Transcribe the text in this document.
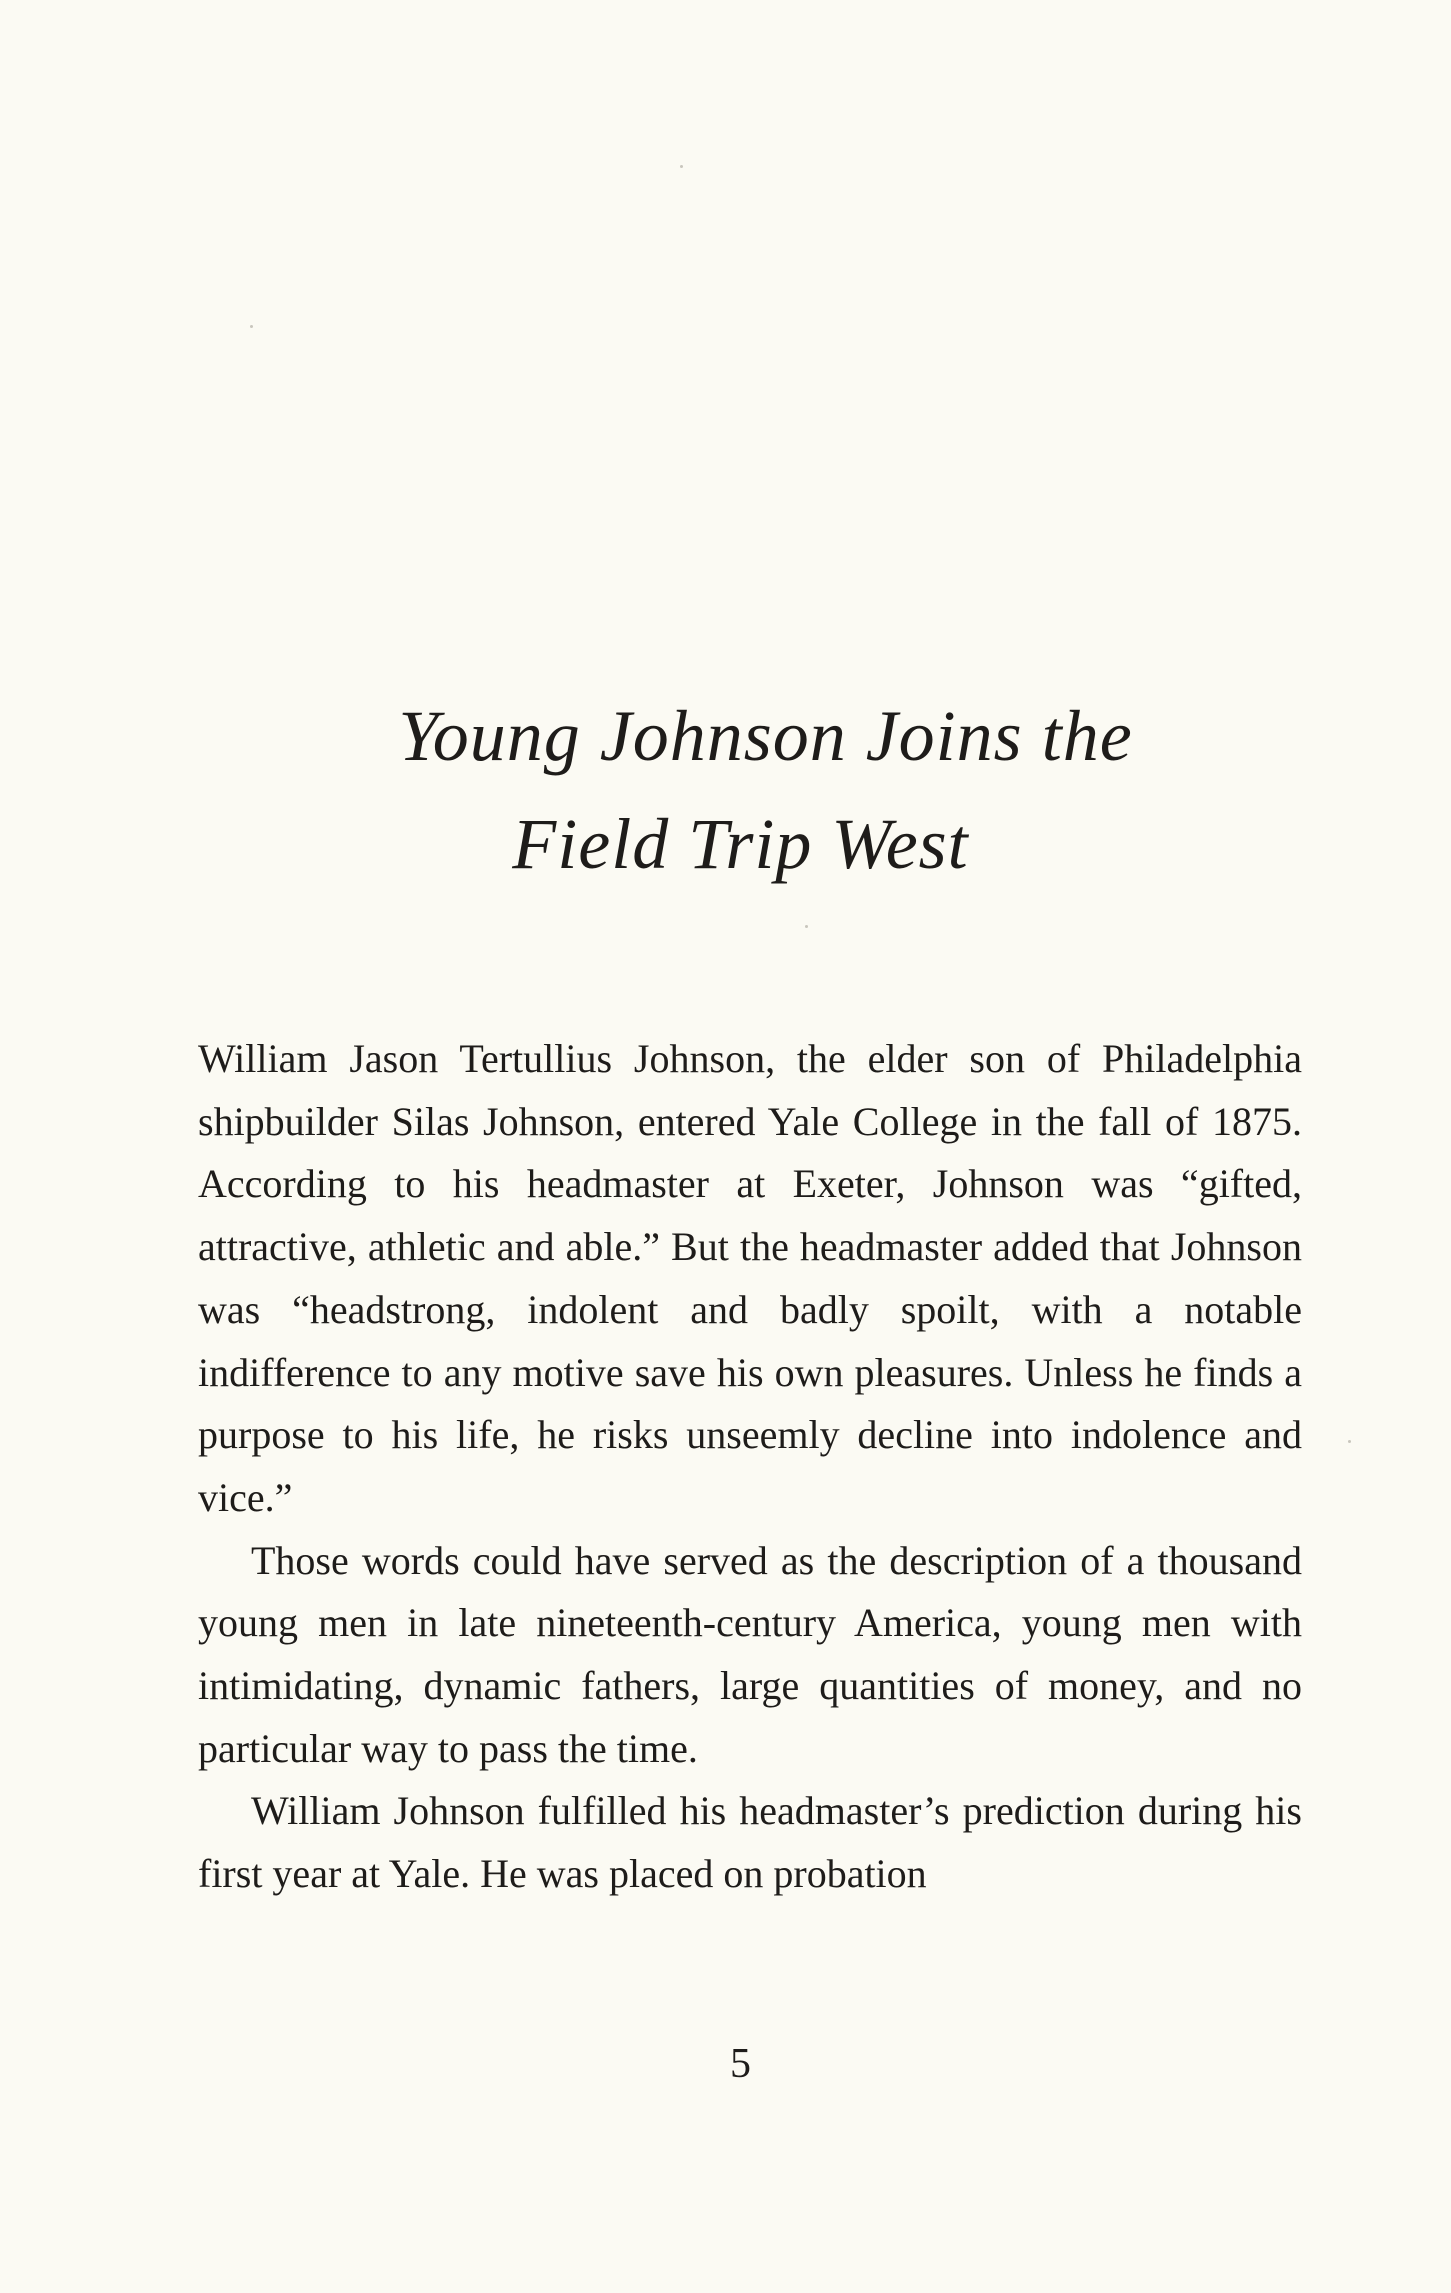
Young Johnson Joins the
Field Trip West

William Jason Tertullius Johnson, the elder son of Philadelphia shipbuilder Silas Johnson, entered Yale College in the fall of 1875. According to his headmaster at Exeter, Johnson was “gifted, attractive, athletic and able.” But the headmaster added that Johnson was “headstrong, indolent and badly spoilt, with a notable indifference to any motive save his own pleasures. Unless he finds a purpose to his life, he risks unseemly decline into indolence and vice.”

Those words could have served as the description of a thousand young men in late nineteenth-century America, young men with intimidating, dynamic fathers, large quantities of money, and no particular way to pass the time.

William Johnson fulfilled his headmaster’s prediction during his first year at Yale. He was placed on probation

5
